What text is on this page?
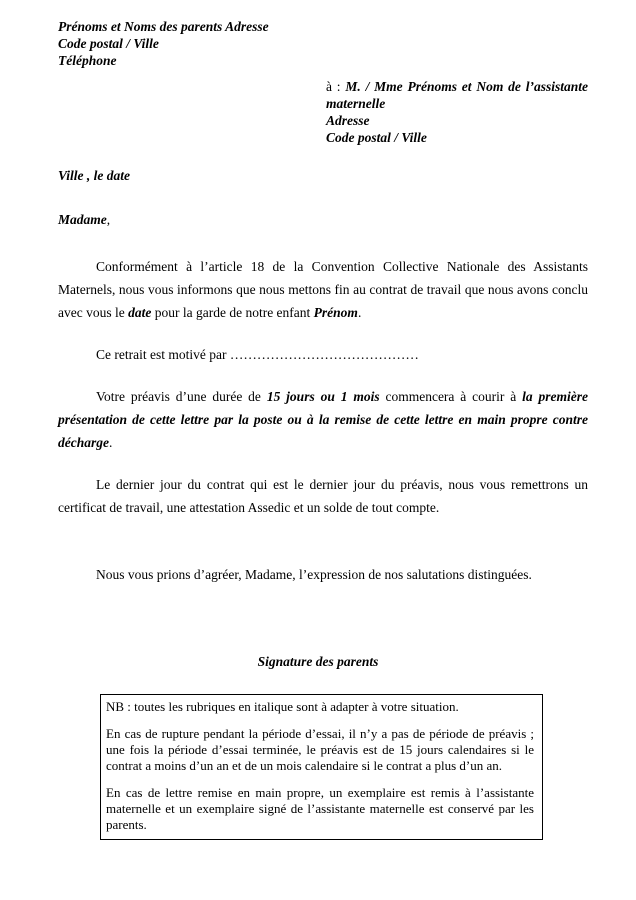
Prénoms et Noms des parents Adresse
Code postal / Ville
Téléphone
à : M. / Mme Prénoms et Nom de l’assistante
maternelle
Adresse
Code postal / Ville
Ville , le date
Madame,

Conformément à l’article 18 de la Convention Collective Nationale des Assistants Maternels, nous vous informons que nous mettons fin au contrat de travail que nous avons conclu avec vous le date pour la garde de notre enfant Prénom.

Ce retrait est motivé par ……………………………………

Votre préavis d’une durée de 15 jours ou 1 mois commencera à courir à la première présentation de cette lettre par la poste ou à la remise de cette lettre en main propre contre décharge.

Le dernier jour du contrat qui est le dernier jour du préavis, nous vous remettrons un certificat de travail, une attestation Assedic et un solde de tout compte.

Nous vous prions d’agréer, Madame, l’expression de nos salutations distinguées.

Signature des parents

NB : toutes les rubriques en italique sont à adapter à votre situation.

En cas de rupture pendant la période d’essai, il n’y a pas de période de préavis ; une fois la période d’essai terminée, le préavis est de 15 jours calendaires si le contrat a moins d’un an et de un mois calendaire si le contrat a plus d’un an.

En cas de lettre remise en main propre, un exemplaire est remis à l’assistante maternelle et un exemplaire signé de l’assistante maternelle est conservé par les parents.
